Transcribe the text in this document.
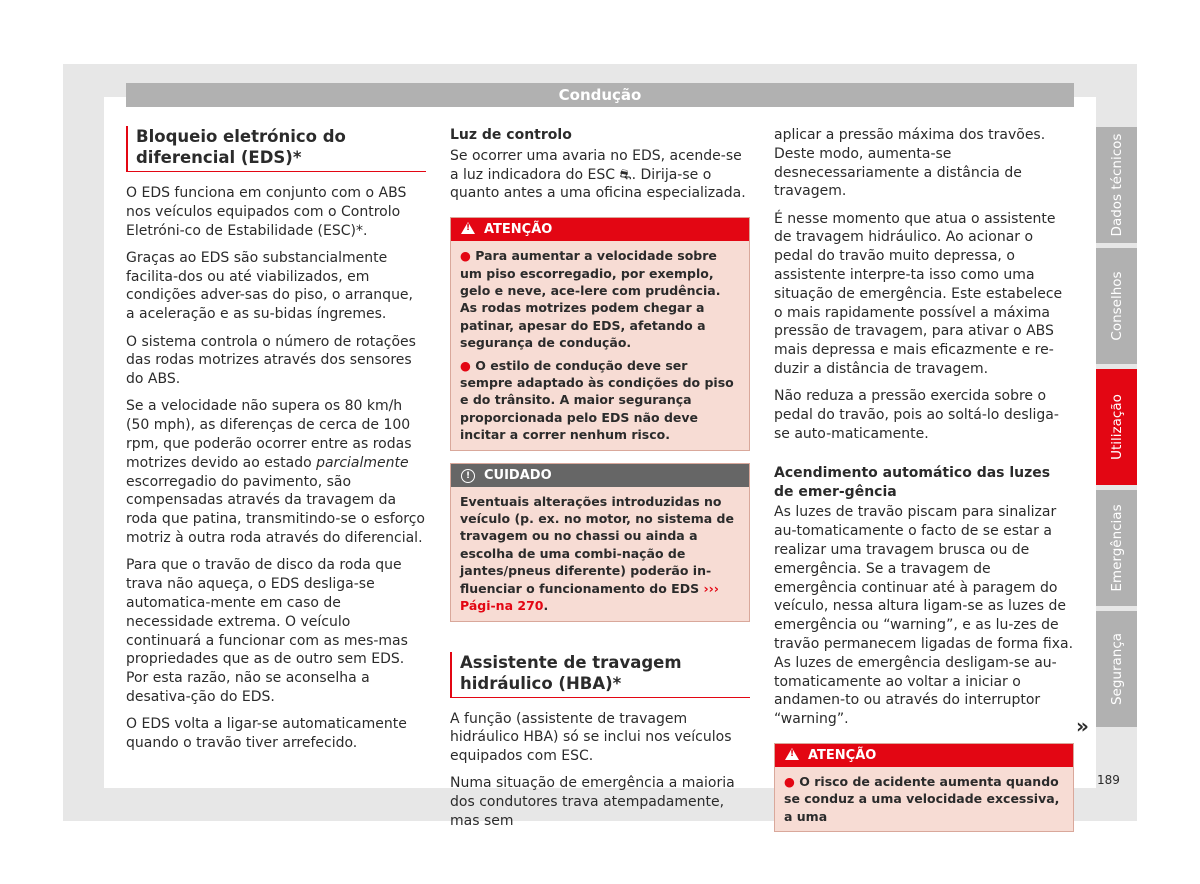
Condução
Bloqueio eletrónico do diferencial (EDS)*

O EDS funciona em conjunto com o ABS nos veículos equipados com o Controlo Eletróni-co de Estabilidade (ESC)*.

Graças ao EDS são substancialmente facilita-dos ou até viabilizados, em condições adver-sas do piso, o arranque, a aceleração e as su-bidas íngremes.

O sistema controla o número de rotações das rodas motrizes através dos sensores do ABS.

Se a velocidade não supera os 80 km/h (50 mph), as diferenças de cerca de 100 rpm, que poderão ocorrer entre as rodas motrizes devido ao estado parcialmente escorregadio do pavimento, são compensadas através da travagem da roda que patina, transmitindo-se o esforço motriz à outra roda através do diferencial.

Para que o travão de disco da roda que trava não aqueça, o EDS desliga-se automatica-mente em caso de necessidade extrema. O veículo continuará a funcionar com as mes-mas propriedades que as de outro sem EDS. Por esta razão, não se aconselha a desativa-ção do EDS.

O EDS volta a ligar-se automaticamente quando o travão tiver arrefecido.

Luz de controlo

Se ocorrer uma avaria no EDS, acende-se a luz indicadora do ESC ⛐. Dirija-se o quanto antes a uma oficina especializada.

! ATENÇÃO

● Para aumentar a velocidade sobre um piso escorregadio, por exemplo, gelo e neve, ace-lere com prudência. As rodas motrizes podem chegar a patinar, apesar do EDS, afetando a segurança de condução.

● O estilo de condução deve ser sempre adaptado às condições do piso e do trânsito. A maior segurança proporcionada pelo EDS não deve incitar a correr nenhum risco.

! CUIDADO
Eventuais alterações introduzidas no veículo (p. ex. no motor, no sistema de travagem ou no chassi ou ainda a escolha de uma combi-nação de jantes/pneus diferente) poderão in-fluenciar o funcionamento do EDS ››› Pági-na 270.
Assistente de travagem hidráulico (HBA)*

A função (assistente de travagem hidráulico HBA) só se inclui nos veículos equipados com ESC.

Numa situação de emergência a maioria dos condutores trava atempadamente, mas sem

aplicar a pressão máxima dos travões. Deste modo, aumenta-se desnecessariamente a distância de travagem.

É nesse momento que atua o assistente de travagem hidráulico. Ao acionar o pedal do travão muito depressa, o assistente interpre-ta isso como uma situação de emergência. Este estabelece o mais rapidamente possível a máxima pressão de travagem, para ativar o ABS mais depressa e mais eficazmente e re-duzir a distância de travagem.

Não reduza a pressão exercida sobre o pedal do travão, pois ao soltá-lo desliga-se auto-maticamente.

Acendimento automático das luzes de emer-gência

As luzes de travão piscam para sinalizar au-tomaticamente o facto de se estar a realizar uma travagem brusca ou de emergência. Se a travagem de emergência continuar até à paragem do veículo, nessa altura ligam-se as luzes de emergência ou “warning”, e as lu-zes de travão permanecem ligadas de forma fixa. As luzes de emergência desligam-se au-tomaticamente ao voltar a iniciar o andamen-to ou através do interruptor “warning”.

! ATENÇÃO

● O risco de acidente aumenta quando se conduz a uma velocidade excessiva, a uma

»
Dados técnicos
Conselhos
Utilização
Emergências
Segurança
189
